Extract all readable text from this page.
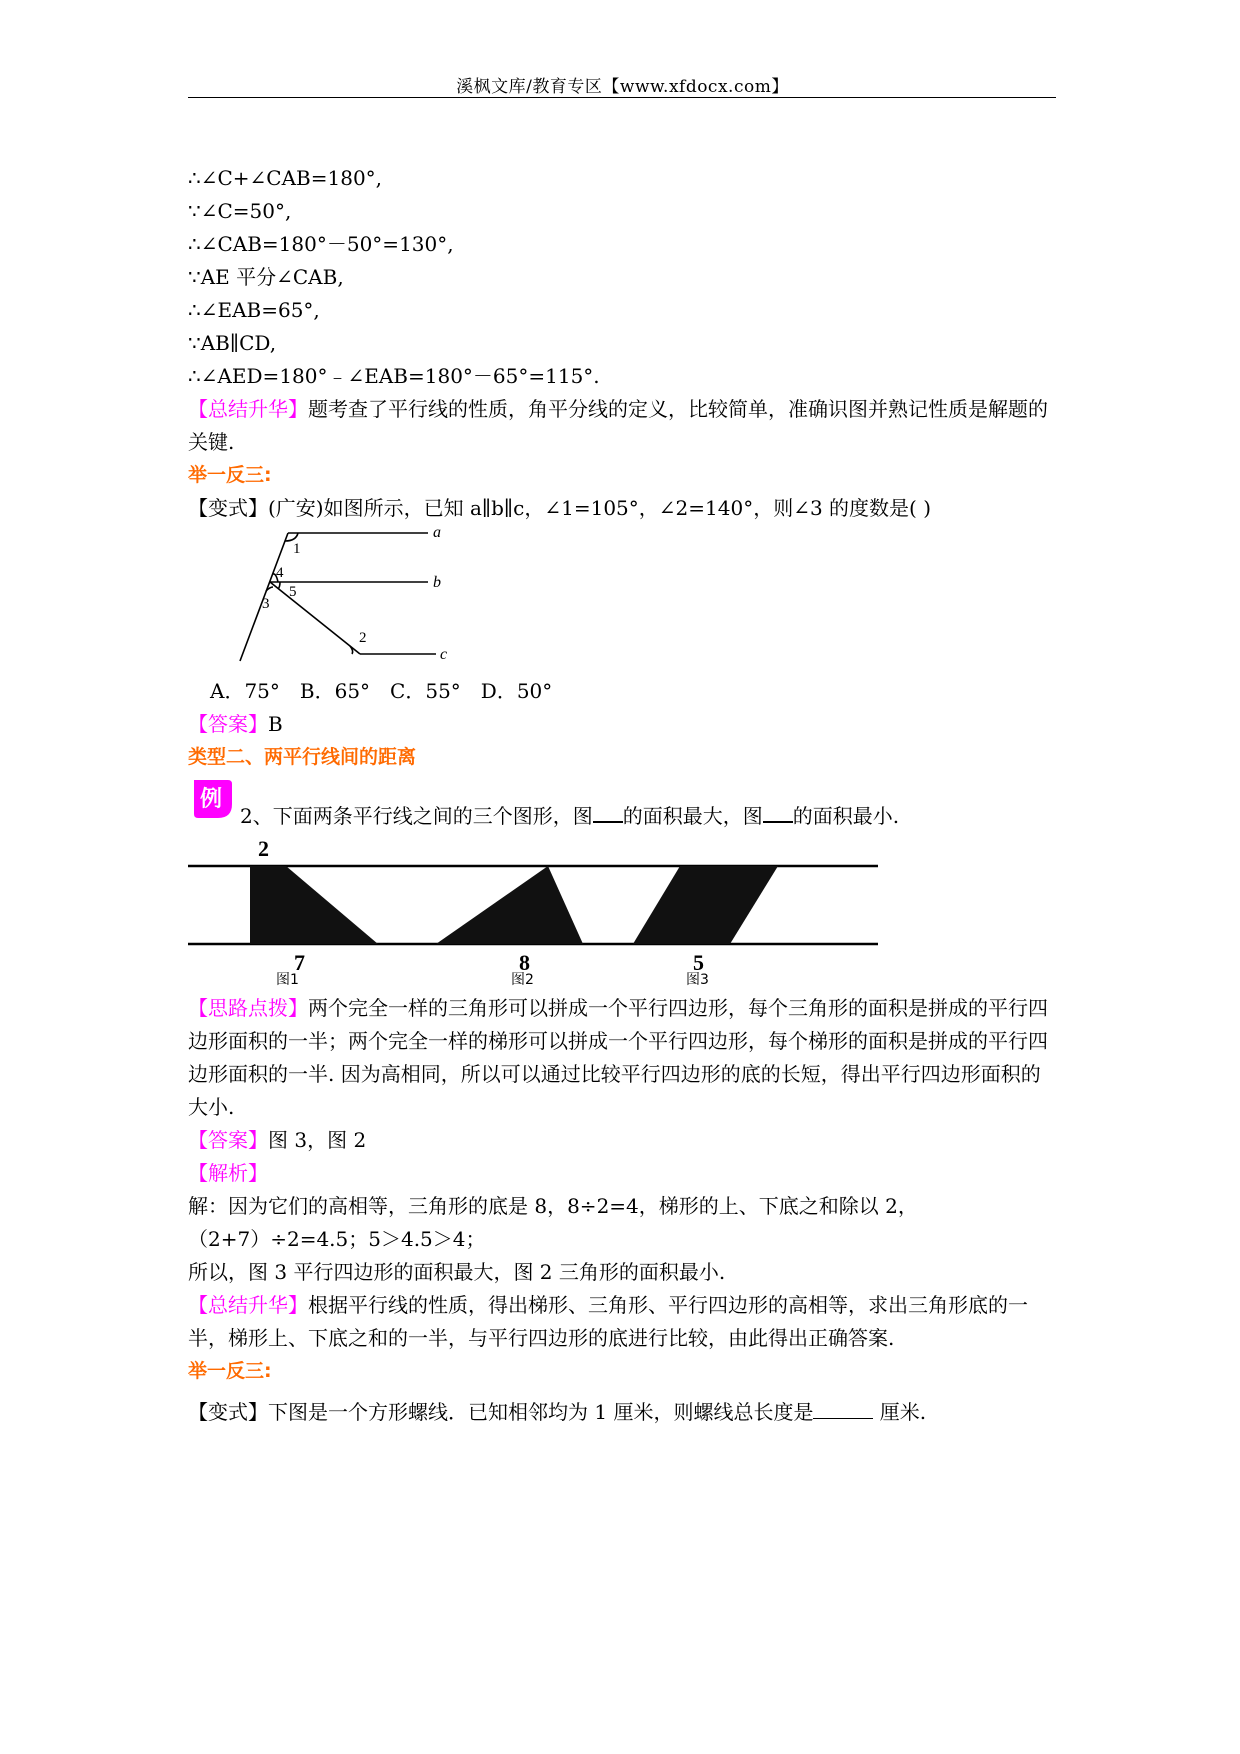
溪枫文库/教育专区【www.xfdocx.com】
∴∠C+∠CAB=180°,
∵∠C=50°,
∴∠CAB=180°－50°=130°,
∵AE 平分∠CAB,
∴∠EAB=65°,
∵AB∥CD,
∴∠AED=180°﹣∠EAB=180°－65°=115°.
【总结升华】题考查了平行线的性质，角平分线的定义，比较简单，准确识图并熟记性质是解题的关键.
举一反三:
【变式】(广安)如图所示，已知 a∥b∥c，∠1=105°，∠2=140°，则∠3 的度数是( )
1
4
5
3
2
a
b
c
A．75°　B．65°　C．55°　D．50°
【答案】B
类型二、两平行线间的距离
例
2、下面两条平行线之间的三个图形，图 的面积最大，图 的面积最小.
2
7	8	5
图1	图2	图3
【思路点拨】两个完全一样的三角形可以拼成一个平行四边形，每个三角形的面积是拼成的平行四边形面积的一半；两个完全一样的梯形可以拼成一个平行四边形，每个梯形的面积是拼成的平行四边形面积的一半. 因为高相同，所以可以通过比较平行四边形的底的长短，得出平行四边形面积的大小.
【答案】图 3，图 2
【解析】
解：因为它们的高相等，三角形的底是 8，8÷2=4，梯形的上、下底之和除以 2，
（2+7）÷2=4.5；5＞4.5＞4；
所以，图 3 平行四边形的面积最大，图 2 三角形的面积最小.
【总结升华】根据平行线的性质，得出梯形、三角形、平行四边形的高相等，求出三角形底的一半，梯形上、下底之和的一半，与平行四边形的底进行比较，由此得出正确答案.
举一反三:
【变式】下图是一个方形螺线．已知相邻均为 1 厘米，则螺线总长度是	厘米.
